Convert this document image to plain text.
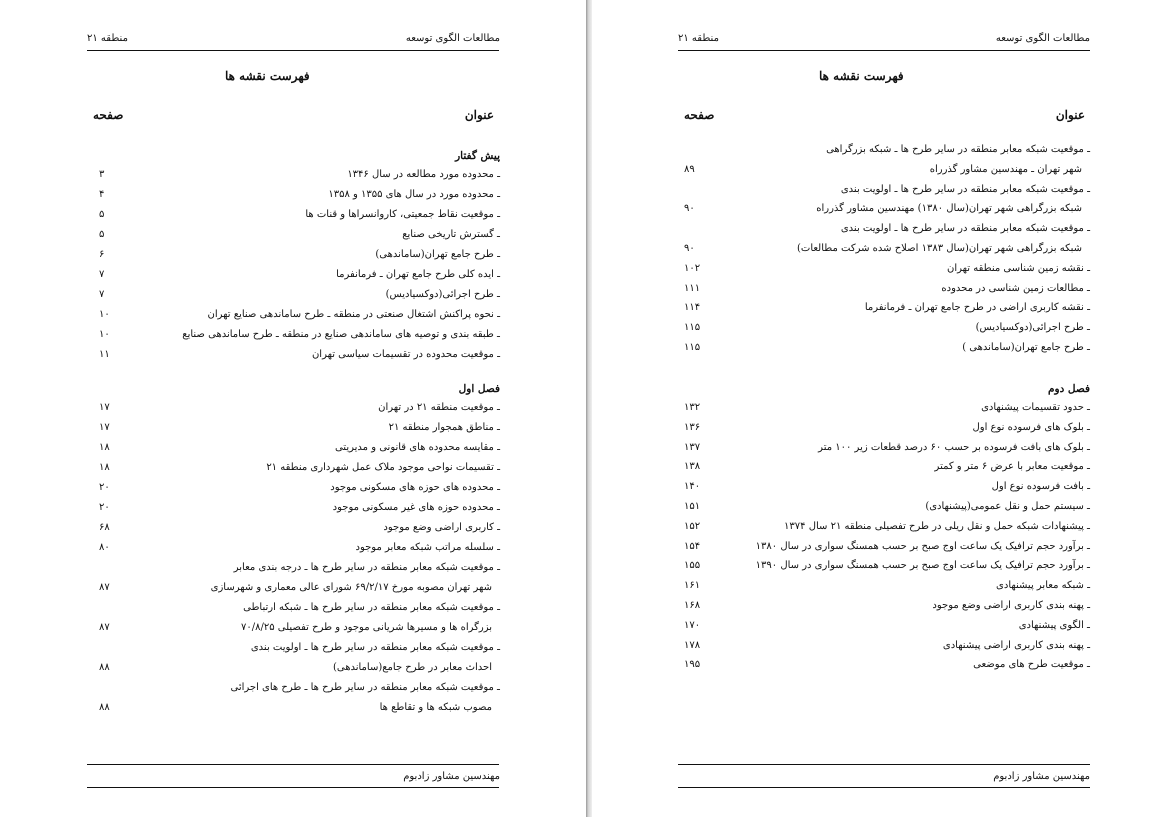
مطالعات الگوی توسعه
منطقه ۲۱
فهرست نقشه ها
عنوان
صفحه
پیش گفتار
ـ محدوده مورد مطالعه در سال ۱۳۴۶
۳
ـ محدوده مورد در سال های ۱۳۵۵ و ۱۳۵۸
۴
ـ موقعیت نقاط جمعیتی، کاروانسراها و قنات ها
۵
ـ گسترش تاریخی صنایع
۵
ـ طرح جامع تهران(ساماندهی)
۶
ـ ایده کلی طرح جامع تهران ـ فرمانفرما
۷
ـ طرح اجرائی(دوکسیادیس)
۷
ـ نحوه پراکنش اشتغال صنعتی در منطقه ـ طرح ساماندهی صنایع تهران
۱۰
ـ طبقه بندی و توصیه های ساماندهی صنایع در منطقه ـ طرح ساماندهی صنایع
۱۰
ـ موقعیت محدوده در تقسیمات سیاسی تهران
۱۱
فصل اول
ـ موقعیت منطقه ۲۱ در تهران
۱۷
ـ مناطق همجوار منطقه ۲۱
۱۷
ـ مقایسه محدوده های قانونی و مدیریتی
۱۸
ـ تقسیمات نواحی موجود ملاک عمل شهرداری منطقه ۲۱
۱۸
ـ محدوده های حوزه های مسکونی موجود
۲۰
ـ محدوده حوزه های غیر مسکونی موجود
۲۰
ـ کاربری اراضی وضع موجود
۶۸
ـ سلسله مراتب شبکه معابر موجود
۸۰
ـ موقعیت شبکه معابر منطقه در سایر طرح ها ـ درجه بندی معابر
شهر تهران مصوبه مورخ ۶۹/۲/۱۷ شورای عالی معماری و شهرسازی
۸۷
ـ موقعیت شبکه معابر منطقه در سایر طرح ها ـ شبکه ارتباطی
بزرگراه ها و مسیرها شریانی موجود و طرح تفصیلی ۷۰/۸/۲۵
۸۷
ـ موقعیت شبکه معابر منطقه در سایر طرح ها ـ اولویت بندی
احداث معابر در طرح جامع(ساماندهی)
۸۸
ـ موقعیت شبکه معابر منطقه در سایر طرح ها ـ طرح های اجرائی
مصوب شبکه ها و تقاطع ها
۸۸
مهندسین مشاور زادبوم
مطالعات الگوی توسعه
منطقه ۲۱
فهرست نقشه ها
عنوان
صفحه
ـ موقعیت شبکه معابر منطقه در سایر طرح ها ـ شبکه بزرگراهی
شهر تهران ـ مهندسین مشاور گذرراه
۸۹
ـ موقعیت شبکه معابر منطقه در سایر طرح ها ـ اولویت بندی
شبکه بزرگراهی شهر تهران(سال ۱۳۸۰) مهندسین مشاور گذرراه
۹۰
ـ موقعیت شبکه معابر منطقه در سایر طرح ها ـ اولویت بندی
شبکه بزرگراهی شهر تهران(سال ۱۳۸۳ اصلاح شده شرکت مطالعات)
۹۰
ـ نقشه زمین شناسی منطقه تهران
۱۰۲
ـ مطالعات زمین شناسی در محدوده
۱۱۱
ـ نقشه کاربری اراضی در طرح جامع تهران ـ فرمانفرما
۱۱۴
ـ طرح اجرائی(دوکسیادیس)
۱۱۵
ـ طرح جامع تهران(ساماندهی )
۱۱۵
فصل دوم
ـ حدود تقسیمات پیشنهادی
۱۳۲
ـ بلوک های فرسوده نوع اول
۱۳۶
ـ بلوک های بافت فرسوده بر حسب ۶۰ درصد قطعات زیر ۱۰۰ متر
۱۳۷
ـ موقعیت معابر با عرض ۶ متر و کمتر
۱۳۸
ـ بافت فرسوده نوع اول
۱۴۰
ـ سیستم حمل و نقل عمومی(پیشنهادی)
۱۵۱
ـ پیشنهادات شبکه حمل و نقل ریلی در طرح تفصیلی منطقه ۲۱ سال ۱۳۷۴
۱۵۲
ـ برآورد حجم ترافیک یک ساعت اوج صبح بر حسب همسنگ سواری در سال ۱۳۸۰
۱۵۴
ـ برآورد حجم ترافیک یک ساعت اوج صبح بر حسب همسنگ سواری در سال ۱۳۹۰
۱۵۵
ـ شبکه معابر پیشنهادی
۱۶۱
ـ پهنه بندی کاربری اراضی وضع موجود
۱۶۸
ـ الگوی پیشنهادی
۱۷۰
ـ پهنه بندی کاربری اراضی پیشنهادی
۱۷۸
ـ موقعیت طرح های موضعی
۱۹۵
مهندسین مشاور زادبوم
